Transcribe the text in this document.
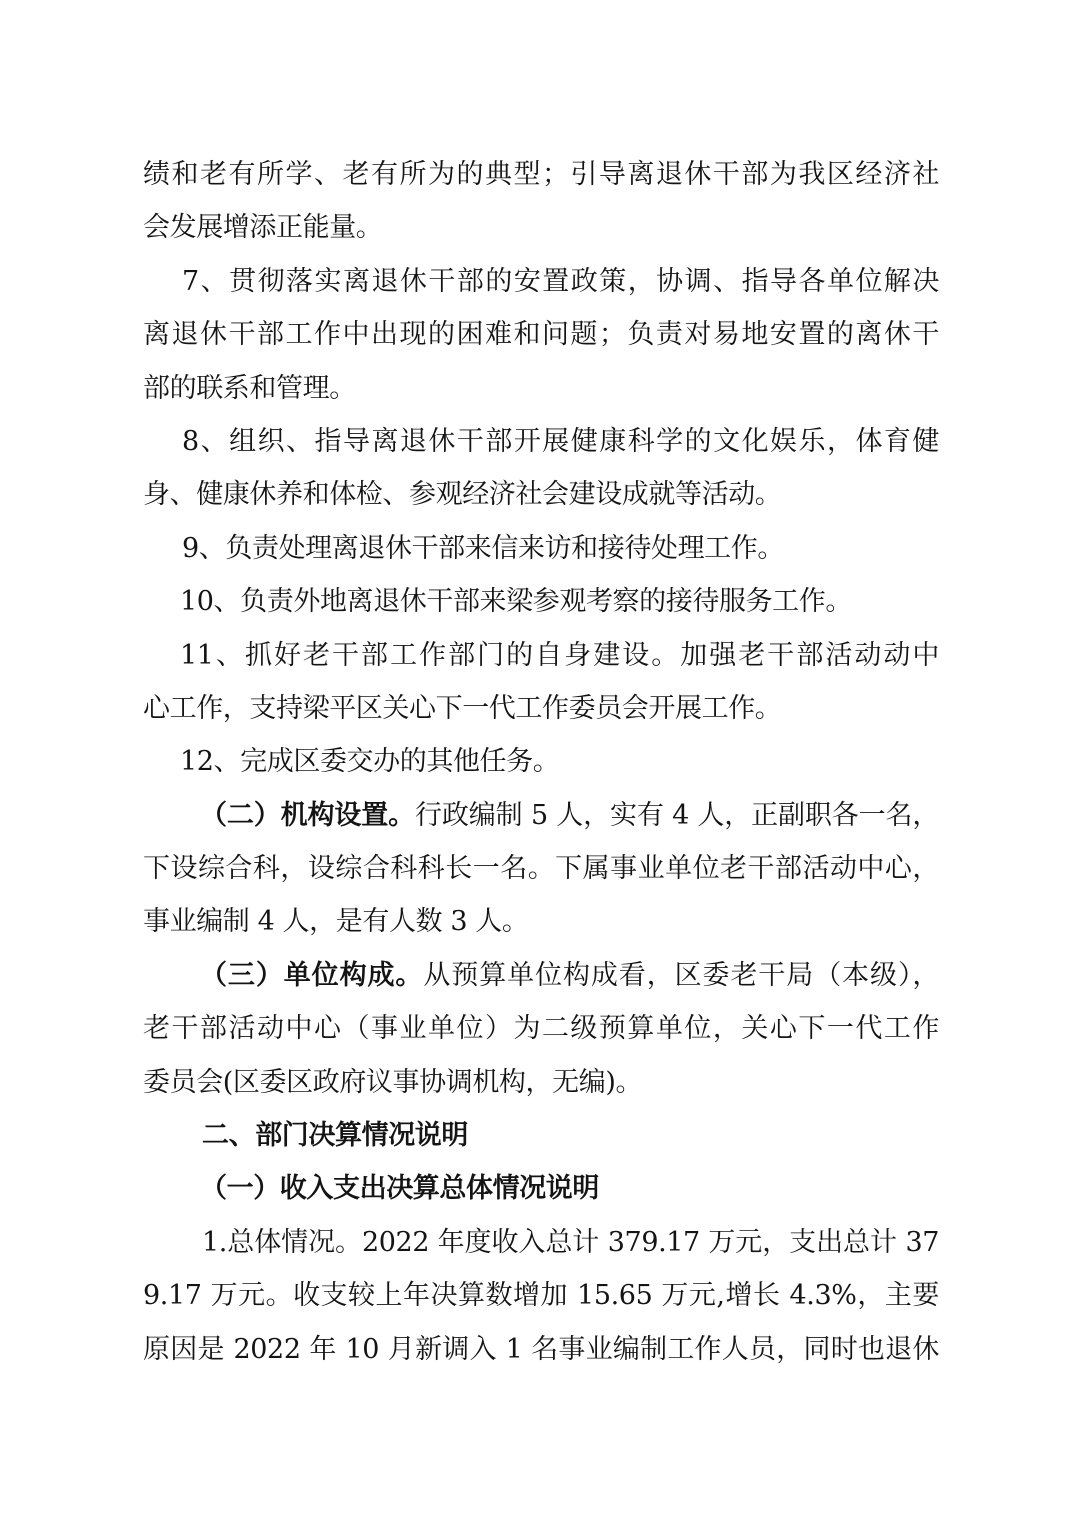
绩和老有所学、老有所为的典型；引导离退休干部为我区经济社
会发展增添正能量。
7、贯彻落实离退休干部的安置政策，协调、指导各单位解决
离退休干部工作中出现的困难和问题；负责对易地安置的离休干
部的联系和管理。
8、组织、指导离退休干部开展健康科学的文化娱乐，体育健
身、健康休养和体检、参观经济社会建设成就等活动。
9、负责处理离退休干部来信来访和接待处理工作。
10、负责外地离退休干部来梁参观考察的接待服务工作。
11、抓好老干部工作部门的自身建设。加强老干部活动动中
心工作，支持梁平区关心下一代工作委员会开展工作。
12、完成区委交办的其他任务。
（二）机构设置。行政编制 5 人，实有 4 人，正副职各一名，
下设综合科，设综合科科长一名。下属事业单位老干部活动中心，
事业编制 4 人，是有人数 3 人。
（三）单位构成。从预算单位构成看，区委老干局（本级），
老干部活动中心（事业单位）为二级预算单位，关心下一代工作
委员会(区委区政府议事协调机构，无编)。
二、部门决算情况说明
（一）收入支出决算总体情况说明
1.总体情况。2022 年度收入总计 379.17 万元，支出总计 37
9.17 万元。收支较上年决算数增加 15.65 万元,增长 4.3%，主要
原因是 2022 年 10 月新调入 1 名事业编制工作人员，同时也退休
